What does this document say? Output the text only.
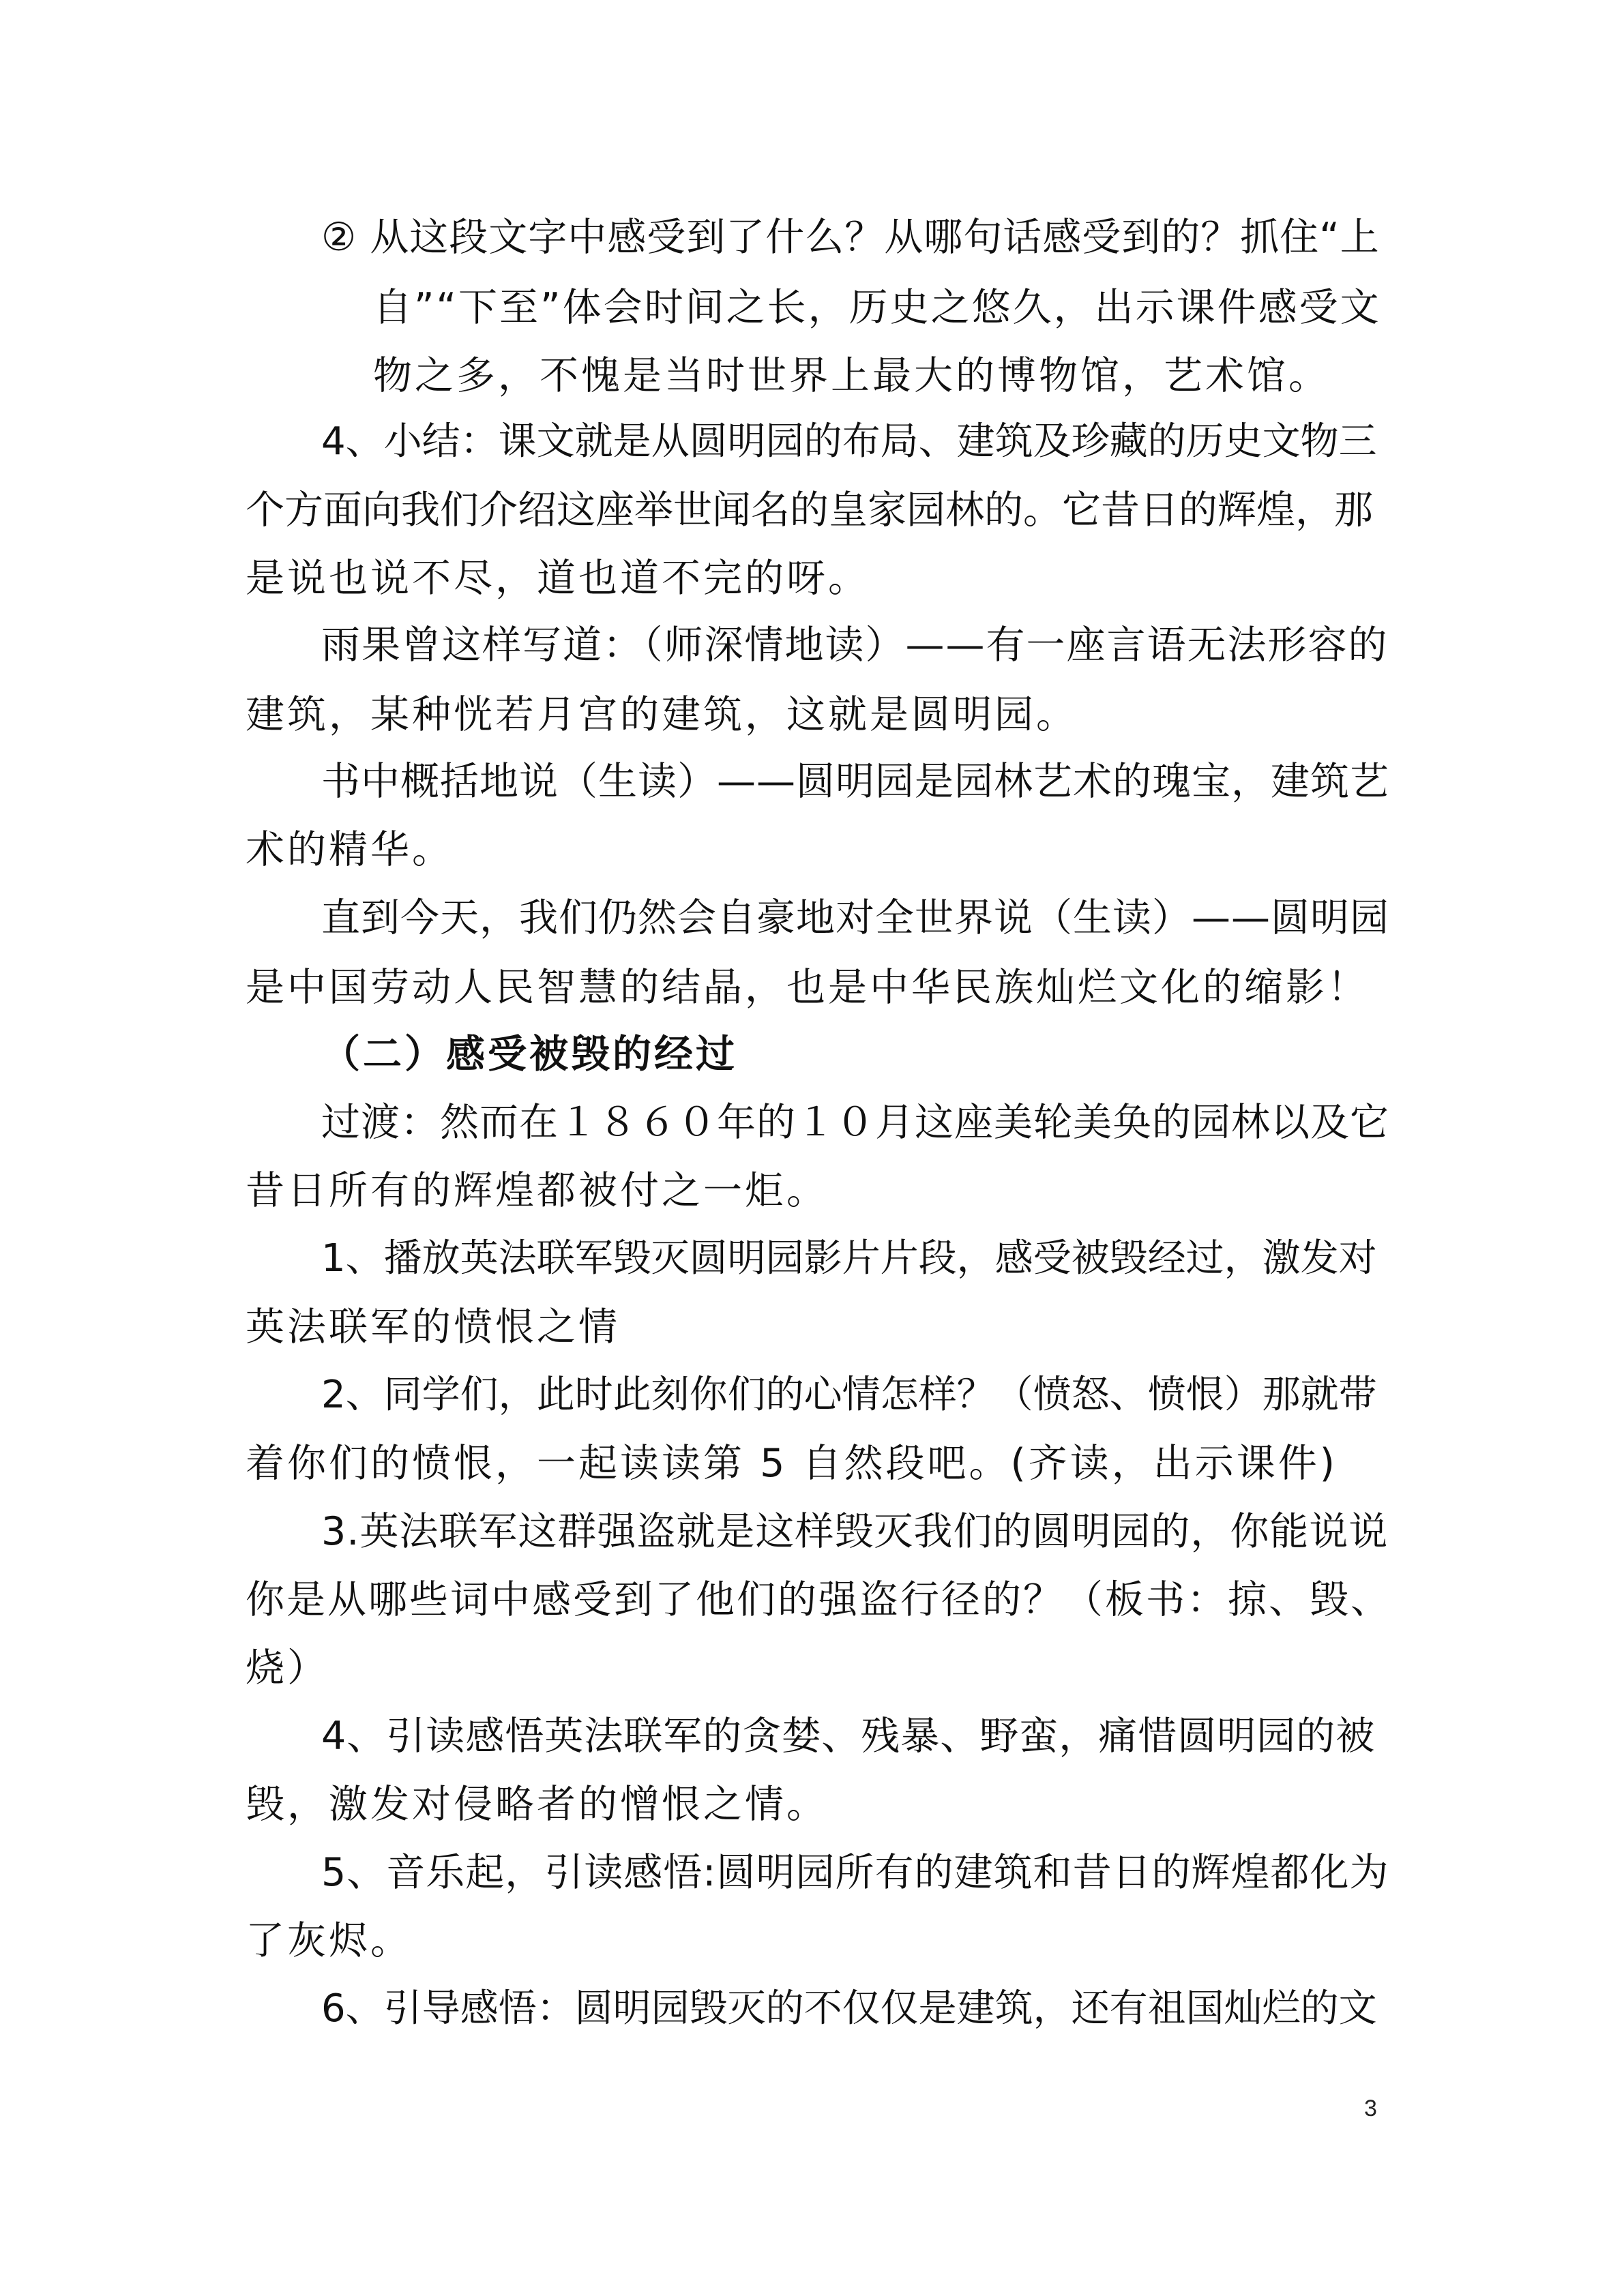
② 从这段文字中感受到了什么？从哪句话感受到的？抓住“上
自”“下至”体会时间之长，历史之悠久，出示课件感受文
物之多，不愧是当时世界上最大的博物馆，艺术馆。
4、小结：课文就是从圆明园的布局、建筑及珍藏的历史文物三
个方面向我们介绍这座举世闻名的皇家园林的。它昔日的辉煌，那
是说也说不尽，道也道不完的呀。
雨果曾这样写道：（师深情地读）——有一座言语无法形容的
建筑，某种恍若月宫的建筑，这就是圆明园。
书中概括地说（生读）——圆明园是园林艺术的瑰宝，建筑艺
术的精华。
直到今天，我们仍然会自豪地对全世界说（生读）——圆明园
是中国劳动人民智慧的结晶，也是中华民族灿烂文化的缩影！
（二）感受被毁的经过
过渡：然而在１８６０年的１０月这座美轮美奂的园林以及它
昔日所有的辉煌都被付之一炬。
1、播放英法联军毁灭圆明园影片片段，感受被毁经过，激发对
英法联军的愤恨之情
2、同学们，此时此刻你们的心情怎样？（愤怒、愤恨）那就带
着你们的愤恨，一起读读第 5 自然段吧。(齐读，出示课件)
3.英法联军这群强盗就是这样毁灭我们的圆明园的，你能说说
你是从哪些词中感受到了他们的强盗行径的？（板书：掠、毁、
烧）
4、引读感悟英法联军的贪婪、残暴、野蛮，痛惜圆明园的被
毁，激发对侵略者的憎恨之情。
5、音乐起，引读感悟:圆明园所有的建筑和昔日的辉煌都化为
了灰烬。
6、引导感悟：圆明园毁灭的不仅仅是建筑，还有祖国灿烂的文
3
